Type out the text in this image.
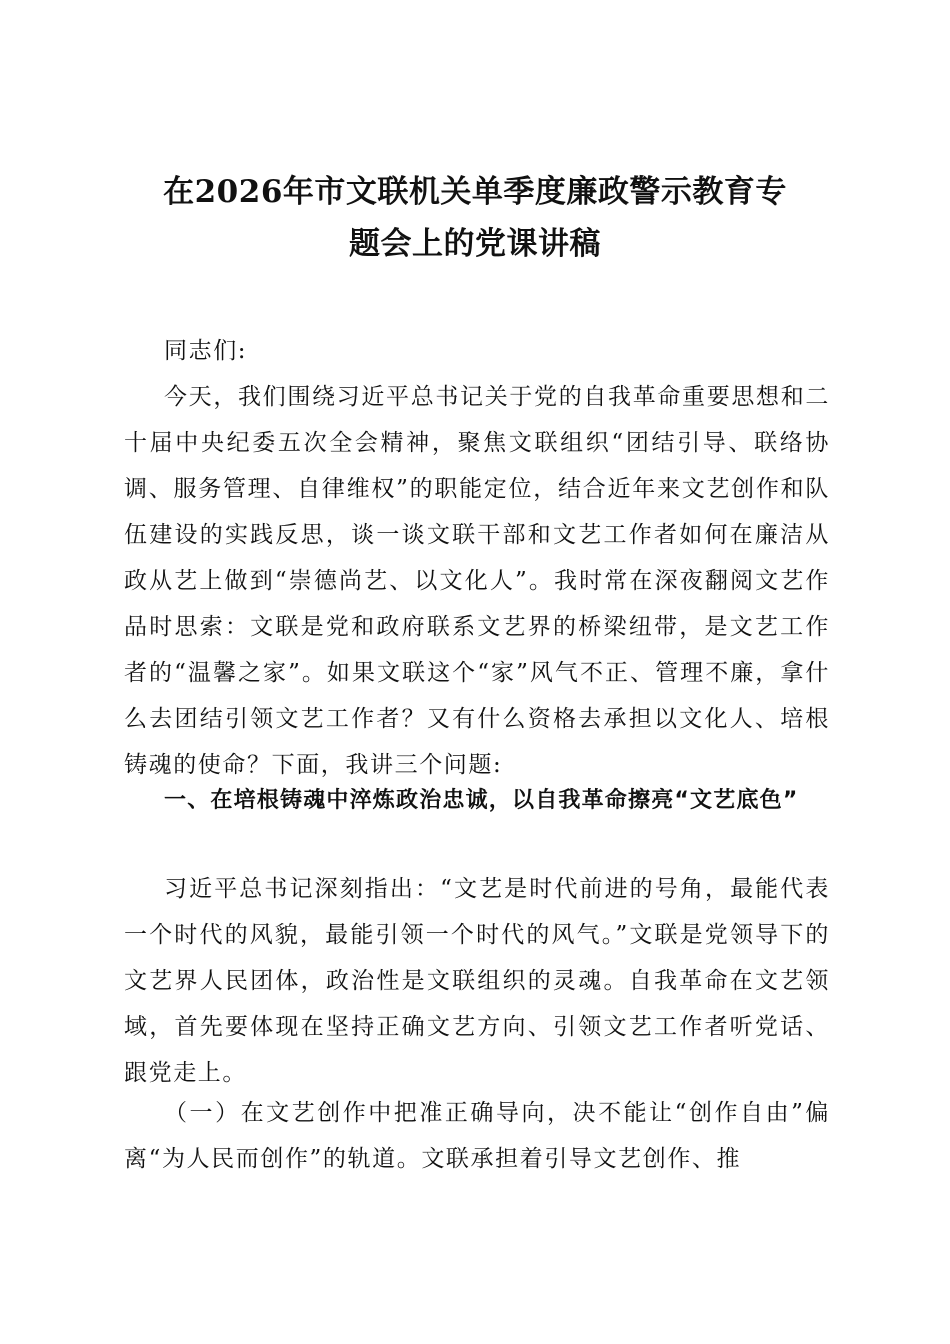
在2026年市文联机关单季度廉政警示教育专
题会上的党课讲稿

同志们:

今天，我们围绕习近平总书记关于党的自我革命重要思想和二十届中央纪委五次全会精神，聚焦文联组织“团结引导、联络协调、服务管理、自律维权”的职能定位，结合近年来文艺创作和队伍建设的实践反思，谈一谈文联干部和文艺工作者如何在廉洁从政从艺上做到“崇德尚艺、以文化人”。我时常在深夜翻阅文艺作品时思索：文联是党和政府联系文艺界的桥梁纽带，是文艺工作者的“温馨之家”。如果文联这个“家”风气不正、管理不廉，拿什么去团结引领文艺工作者？又有什么资格去承担以文化人、培根铸魂的使命？下面，我讲三个问题:

一、在培根铸魂中淬炼政治忠诚，以自我革命擦亮“文艺底色”

习近平总书记深刻指出：“文艺是时代前进的号角，最能代表一个时代的风貌，最能引领一个时代的风气。”文联是党领导下的文艺界人民团体，政治性是文联组织的灵魂。自我革命在文艺领域，首先要体现在坚持正确文艺方向、引领文艺工作者听党话、跟党走上。

（一）在文艺创作中把准正确导向，决不能让“创作自由”偏离“为人民而创作”的轨道。文联承担着引导文艺创作、推
